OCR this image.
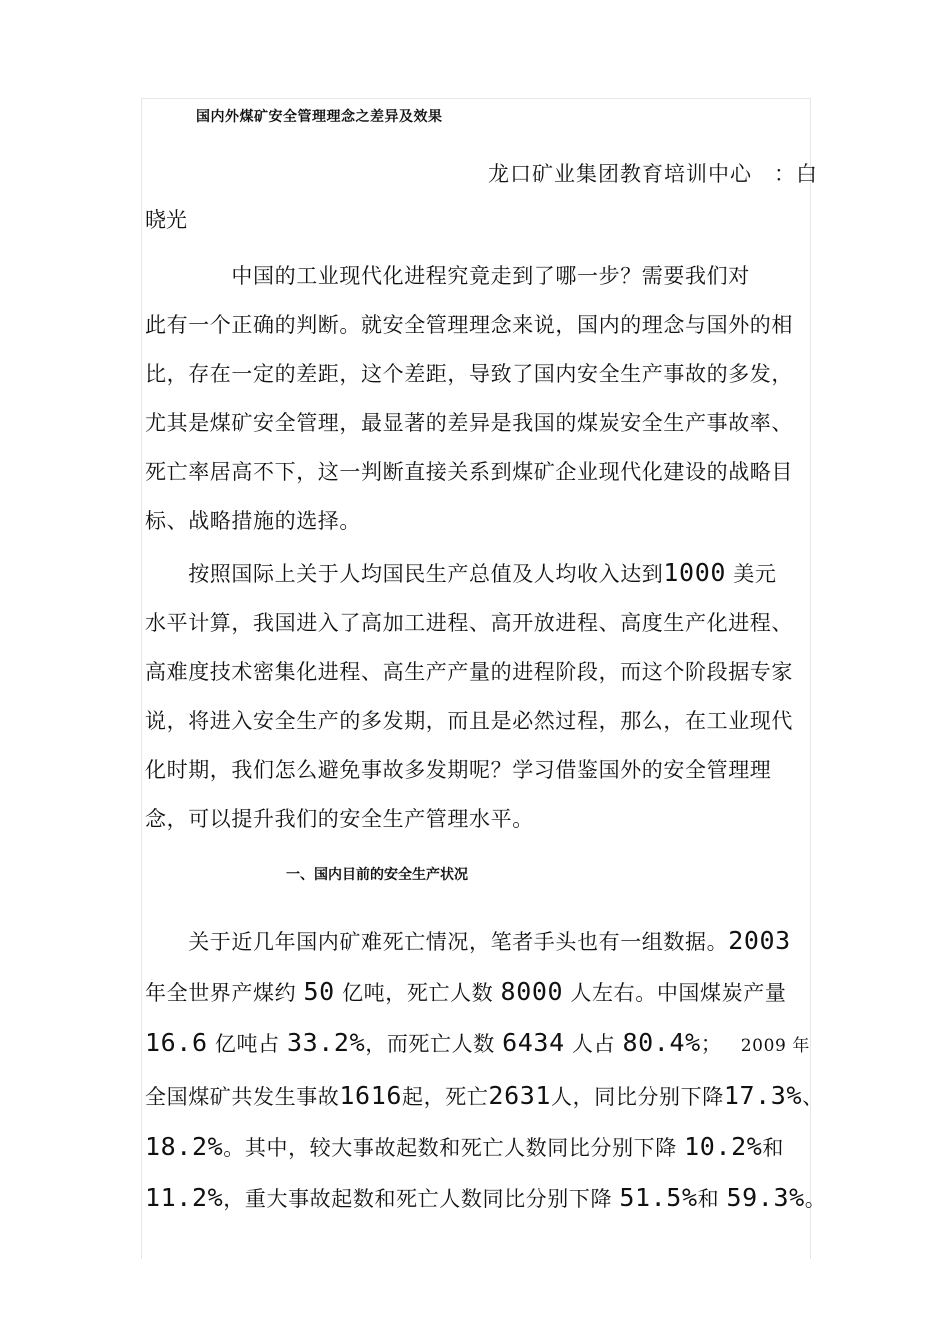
国内外煤矿安全管理理念之差异及效果
龙口矿业集团教育培训中心　：白
晓光
　　　　中国的工业现代化进程究竟走到了哪一步？需要我们对
此有一个正确的判断。就安全管理理念来说，国内的理念与国外的相
比，存在一定的差距，这个差距，导致了国内安全生产事故的多发，
尤其是煤矿安全管理，最显著的差异是我国的煤炭安全生产事故率、
死亡率居高不下，这一判断直接关系到煤矿企业现代化建设的战略目
标、战略措施的选择。
　　按照国际上关于人均国民生产总值及人均收入达到1000 美元
水平计算，我国进入了高加工进程、高开放进程、高度生产化进程、
高难度技术密集化进程、高生产产量的进程阶段，而这个阶段据专家
说，将进入安全生产的多发期，而且是必然过程，那么，在工业现代
化时期，我们怎么避免事故多发期呢？学习借鉴国外的安全管理理
念，可以提升我们的安全生产管理水平。
一、国内目前的安全生产状况
　　关于近几年国内矿难死亡情况，笔者手头也有一组数据。2003
年全世界产煤约 50 亿吨，死亡人数 8000 人左右。中国煤炭产量
16.6 亿吨占 33.2%，而死亡人数 6434 人占 80.4%；　 2009 年
全国煤矿共发生事故1616起，死亡2631人，同比分别下降17.3%、
18.2%。其中，较大事故起数和死亡人数同比分别下降 10.2%和
11.2%，重大事故起数和死亡人数同比分别下降 51.5%和 59.3%。
